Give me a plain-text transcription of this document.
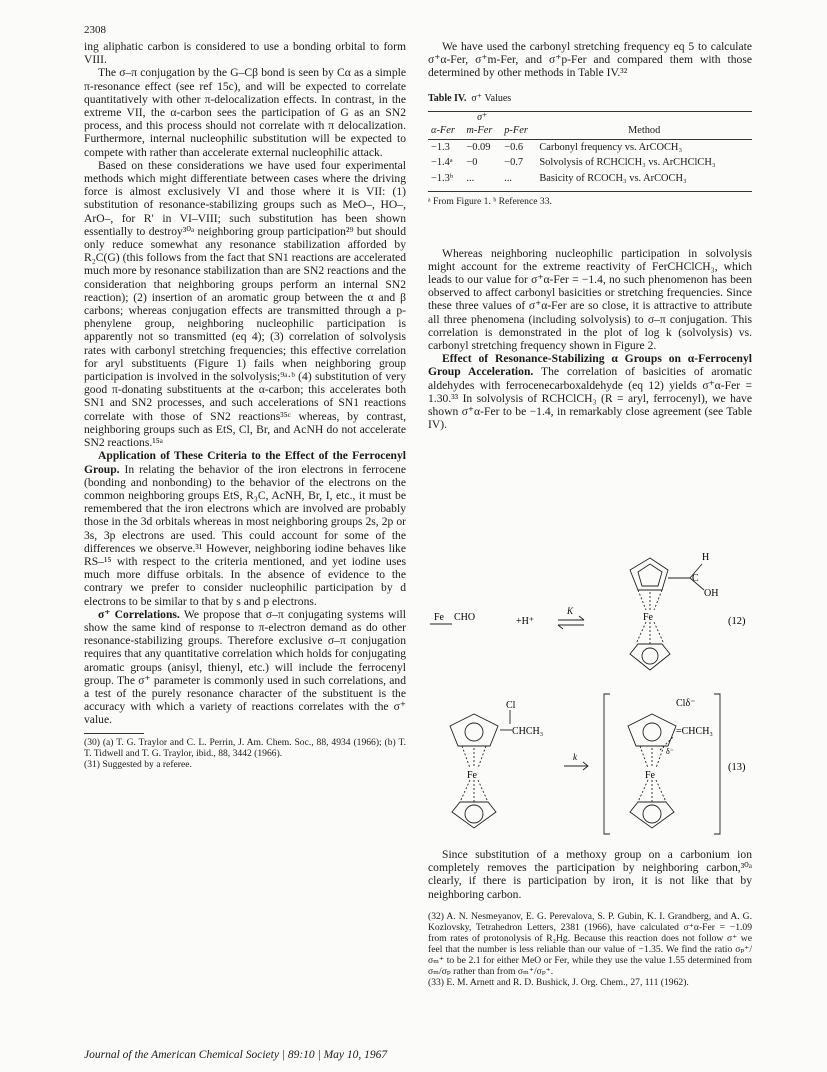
2308

ing aliphatic carbon is considered to use a bonding orbital to form VIII.

The σ–π conjugation by the G–Cβ bond is seen by Cα as a simple π-resonance effect (see ref 15c), and will be expected to correlate quantitatively with other π-delocalization effects. In contrast, in the extreme VII, the α-carbon sees the participation of G as an SN2 process, and this process should not correlate with π delocalization. Furthermore, internal nucleophilic substitution will be expected to compete with rather than accelerate external nucleophilic attack.

Based on these considerations we have used four experimental methods which might differentiate between cases where the driving force is almost exclusively VI and those where it is VII: (1) substitution of resonance-stabilizing groups such as MeO–, HO–, ArO–, for R′ in VI–VIII; such substitution has been shown essentially to destroy³⁰ᵃ neighboring group participation²⁹ but should only reduce somewhat any resonance stabilization afforded by R₂C(G) (this follows from the fact that SN1 reactions are accelerated much more by resonance stabilization than are SN2 reactions and the consideration that neighboring groups perform an internal SN2 reaction); (2) insertion of an aromatic group between the α and β carbons; whereas conjugation effects are transmitted through a p-phenylene group, neighboring nucleophilic participation is apparently not so transmitted (eq 4); (3) correlation of solvolysis rates with carbonyl stretching frequencies; this effective correlation for aryl substituents (Figure 1) fails when neighboring group participation is involved in the solvolysis;⁹ᵃ·ᵇ (4) substitution of very good π-donating substituents at the α-carbon; this accelerates both SN1 and SN2 processes, and such accelerations of SN1 reactions correlate with those of SN2 reactions³⁵ᶜ whereas, by contrast, neighboring groups such as EtS, Cl, Br, and AcNH do not accelerate SN2 reactions.¹⁵ᵃ

Application of These Criteria to the Effect of the Ferrocenyl Group. In relating the behavior of the iron electrons in ferrocene (bonding and nonbonding) to the behavior of the electrons on the common neighboring groups EtS, R₃C, AcNH, Br, I, etc., it must be remembered that the iron electrons which are involved are probably those in the 3d orbitals whereas in most neighboring groups 2s, 2p or 3s, 3p electrons are used. This could account for some of the differences we observe.³¹ However, neighboring iodine behaves like RS–¹⁵ with respect to the criteria mentioned, and yet iodine uses much more diffuse orbitals. In the absence of evidence to the contrary we prefer to consider nucleophilic participation by d electrons to be similar to that by s and p electrons.

σ⁺ Correlations. We propose that σ–π conjugating systems will show the same kind of response to π-electron demand as do other resonance-stabilizing groups. Therefore exclusive σ–π conjugation requires that any quantitative correlation which holds for conjugating aromatic groups (anisyl, thienyl, etc.) will include the ferrocenyl group. The σ⁺ parameter is commonly used in such correlations, and a test of the purely resonance character of the substituent is the accuracy with which a variety of reactions correlates with the σ⁺ value.

(30) (a) T. G. Traylor and C. L. Perrin, J. Am. Chem. Soc., 88, 4934 (1966); (b) T. T. Tidwell and T. G. Traylor, ibid., 88, 3442 (1966).

(31) Suggested by a referee.

We have used the carbonyl stretching frequency eq 5 to calculate σ⁺α-Fer, σ⁺m-Fer, and σ⁺p-Fer and compared them with those determined by other methods in Table IV.³²

Table IV. σ⁺ Values

σ⁺			
α-Fer	m-Fer	p-Fer	Method
−1.3	−0.09	−0.6	Carbonyl frequency vs. ArCOCH₃
−1.4ᵃ	−0	−0.7	Solvolysis of RCHClCH₃ vs. ArCHClCH₃
−1.3ᵇ	...	...	Basicity of RCOCH₃ vs. ArCOCH₃
ᵃ From Figure 1. ᵇ Reference 33.

Whereas neighboring nucleophilic participation in solvolysis might account for the extreme reactivity of FerCHClCH₃, which leads to our value for σ⁺α-Fer = −1.4, no such phenomenon has been observed to affect carbonyl basicities or stretching frequencies. Since these three values of σ⁺α-Fer are so close, it is attractive to attribute all three phenomena (including solvolysis) to σ–π conjugation. This correlation is demonstrated in the plot of log k (solvolysis) vs. carbonyl stretching frequency shown in Figure 2.

Effect of Resonance-Stabilizing α Groups on α-Ferrocenyl Group Acceleration. The correlation of basicities of aromatic aldehydes with ferrocenecarboxaldehyde (eq 12) yields σ⁺α-Fer = 1.30.³³ In solvolysis of RCHClCH₃ (R = aryl, ferrocenyl), we have shown σ⁺α-Fer to be −1.4, in remarkably close agreement (see Table IV).

Fe CHO	+H⁺
K
C
H
OH
Fe	(12)
Cl
CHCH₃
Fe
k
Clδ⁻
=CHCH₃
δ⁻
Fe
(13)

Since substitution of a methoxy group on a carbonium ion completely removes the participation by neighboring carbon,³⁰ᵃ clearly, if there is participation by iron, it is not like that by neighboring carbon.

(32) A. N. Nesmeyanov, E. G. Perevalova, S. P. Gubin, K. I. Grandberg, and A. G. Kozlovsky, Tetrahedron Letters, 2381 (1966), have calculated σ⁺α-Fer = −1.09 from rates of protonolysis of R₂Hg. Because this reaction does not follow σ⁺ we feel that the number is less reliable than our value of −1.35. We find the ratio σₚ⁺/σₘ⁺ to be 2.1 for either MeO or Fer, while they use the value 1.55 determined from σₘ/σₚ rather than from σₘ⁺/σₚ⁺.

(33) E. M. Arnett and R. D. Bushick, J. Org. Chem., 27, 111 (1962).

Journal of the American Chemical Society | 89:10 | May 10, 1967
